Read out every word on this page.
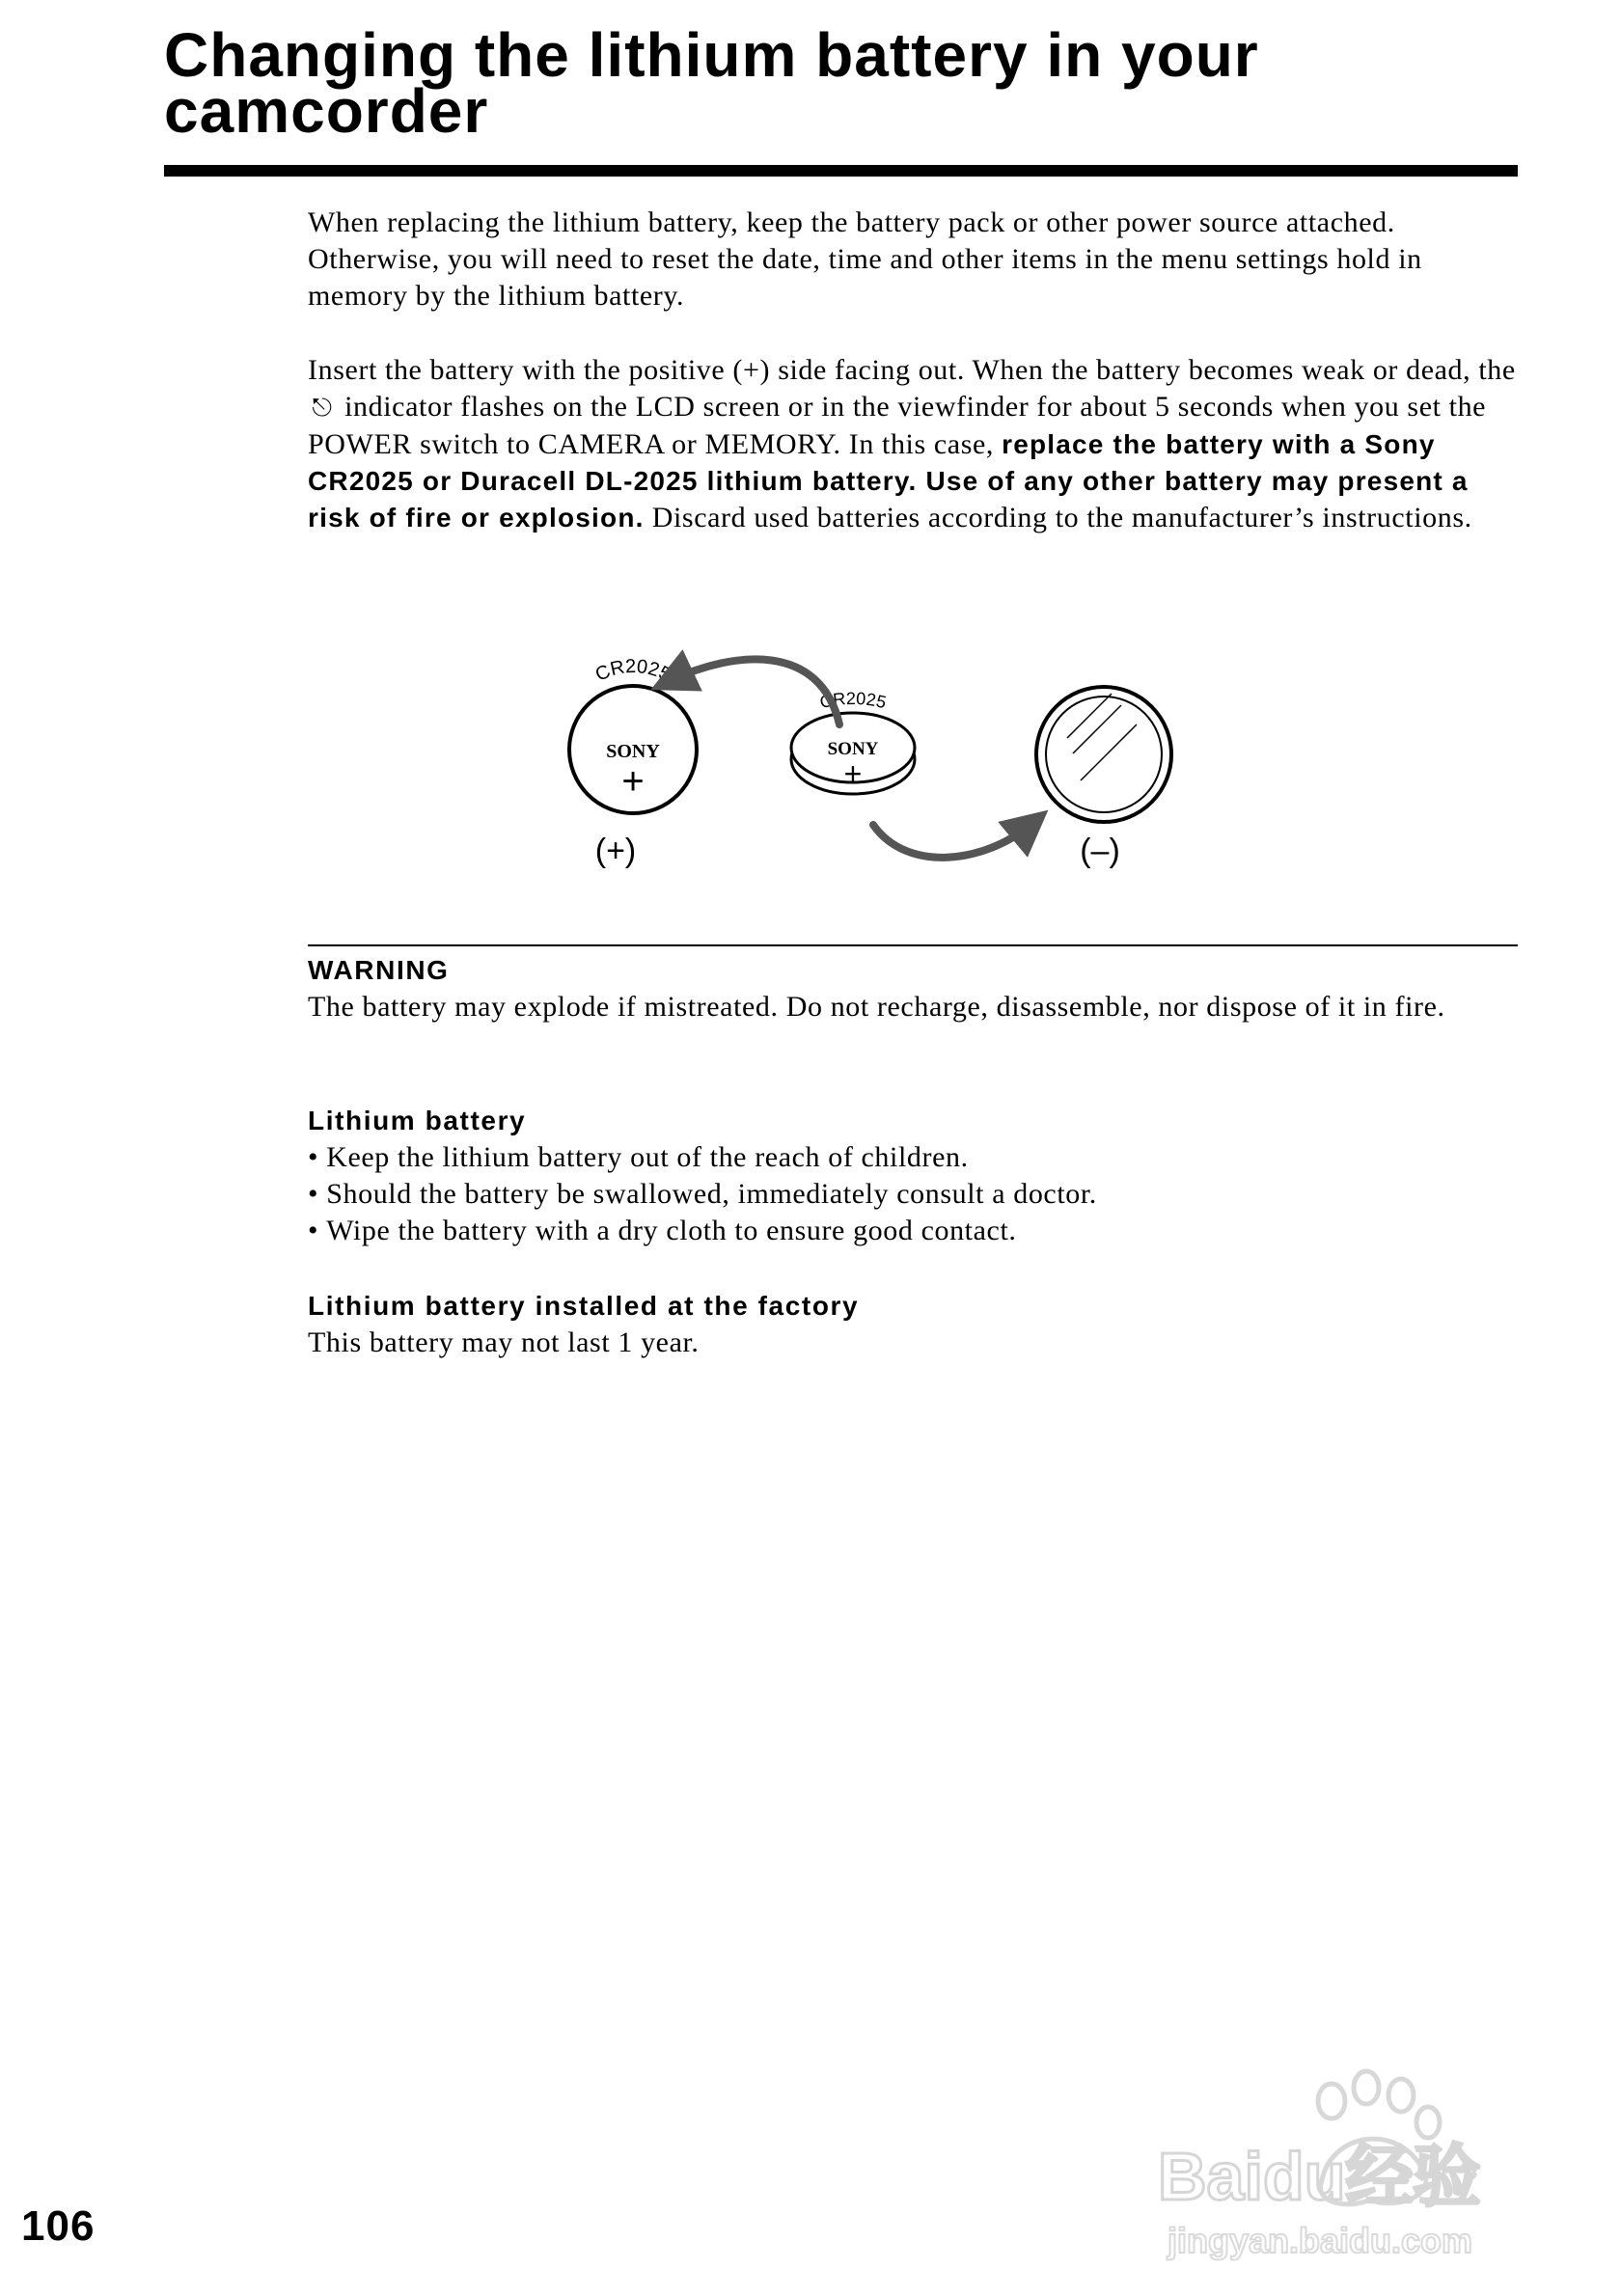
Changing the lithium battery in your camcorder

When replacing the lithium battery, keep the battery pack or other power source attached. Otherwise, you will need to reset the date, time and other items in the menu settings hold in memory by the lithium battery.

Insert the battery with the positive (+) side facing out. When the battery becomes weak or dead, the ⎋ indicator flashes on the LCD screen or in the viewfinder for about 5 seconds when you set the POWER switch to CAMERA or MEMORY. In this case, replace the battery with a Sony CR2025 or Duracell DL-2025 lithium battery. Use of any other battery may present a risk of fire or explosion. Discard used batteries according to the manufacturer’s instructions.

CR2025
SONY
+
CR2025
SONY
+
(+)	(–)
WARNING

The battery may explode if mistreated. Do not recharge, disassemble, nor dispose of it in fire.

Lithium battery
• Keep the lithium battery out of the reach of children.
• Should the battery be swallowed, immediately consult a doctor.
• Wipe the battery with a dry cloth to ensure good contact.
Lithium battery installed at the factory

This battery may not last 1 year.

106
Baidu经验
jingyan.baidu.com
